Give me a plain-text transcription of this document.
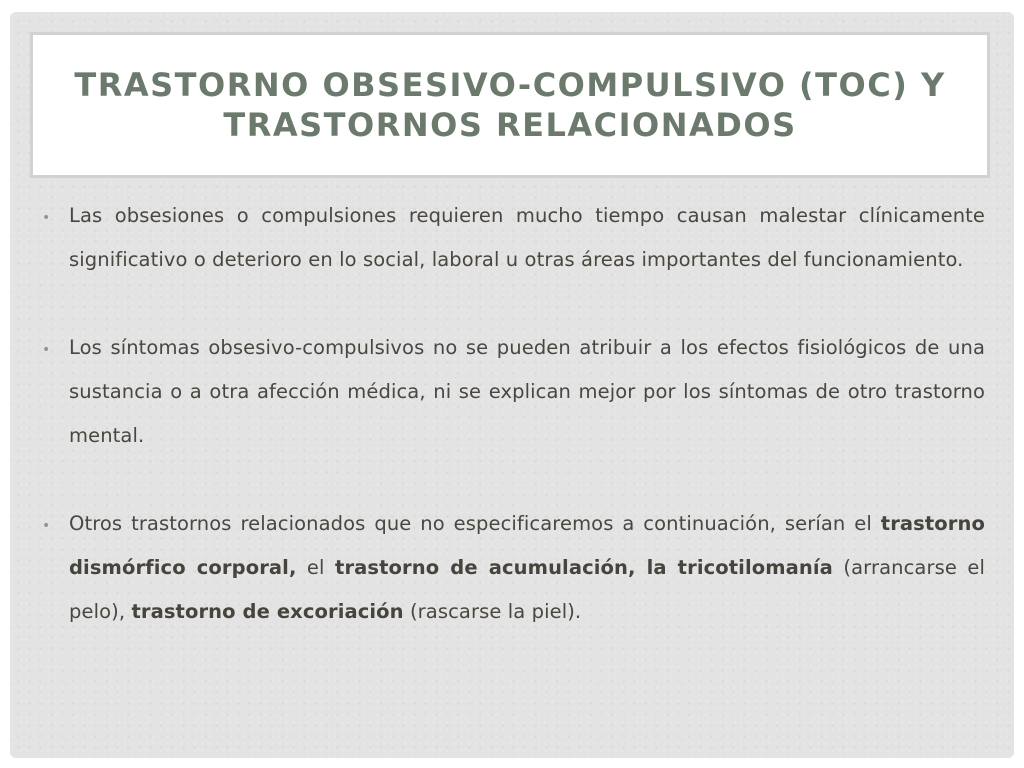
TRASTORNO OBSESIVO-COMPULSIVO (TOC) Y
TRASTORNOS RELACIONADOS
• Las obsesiones o compulsiones requieren mucho tiempo causan malestar clínicamente significativo o deterioro en lo social, laboral u otras áreas importantes del funcionamiento.
• Los síntomas obsesivo-compulsivos no se pueden atribuir a los efectos fisiológicos de una sustancia o a otra afección médica, ni se explican mejor por los síntomas de otro trastorno mental.
• Otros trastornos relacionados que no especificaremos a continuación, serían el trastorno dismórfico corporal, el trastorno de acumulación, la tricotilomanía (arrancarse el pelo), trastorno de excoriación (rascarse la piel).
